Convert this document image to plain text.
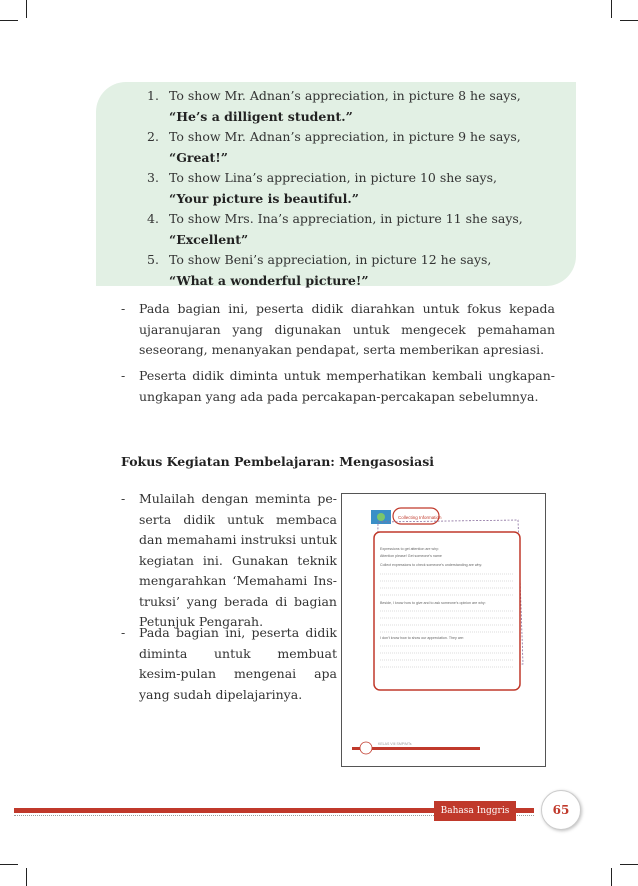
1. To show Mr. Adnan’s appreciation, in picture 8 he says,
“He’s a dilligent student.”
2. To show Mr. Adnan’s appreciation, in picture 9 he says,
“Great!”
3. To show Lina’s appreciation, in picture 10 she says,
“Your picture is beautiful.”
4. To show Mrs. Ina’s appreciation, in picture 11 she says,
“Excellent”
5. To show Beni’s appreciation, in picture 12 he says,
“What a wonderful picture!”
- Pada bagian ini, peserta didik diarahkan untuk fokus kepada ujaranujaran yang digunakan untuk mengecek pemahaman seseorang, menanyakan pendapat, serta memberikan apresiasi.
- Peserta didik diminta untuk memperhatikan kembali ungkapan-ungkapan yang ada pada percakapan-percakapan sebelumnya.
Fokus Kegiatan Pembelajaran: Mengasosiasi
- Mulailah dengan meminta pe-serta didik untuk membaca dan memahami instruksi untuk kegiatan ini. Gunakan teknik mengarahkan ‘Memahami Ins-truksi’ yang berada di bagian Petunjuk Pengarah.
- Pada bagian ini, peserta didik diminta untuk membuat kesim-pulan mengenai apa yang sudah dipelajarinya.
Collecting Information
Expressions to get attention are why:
Attention please! Get someone’s name
Collect expressions to check someone’s understanding are why:
Beside, I know how to give and to ask someone’s opinion are why:
I don’t know how to show our appreciation. They are:
KELAS VIII SMP/MTs
Bahasa Inggris	65
